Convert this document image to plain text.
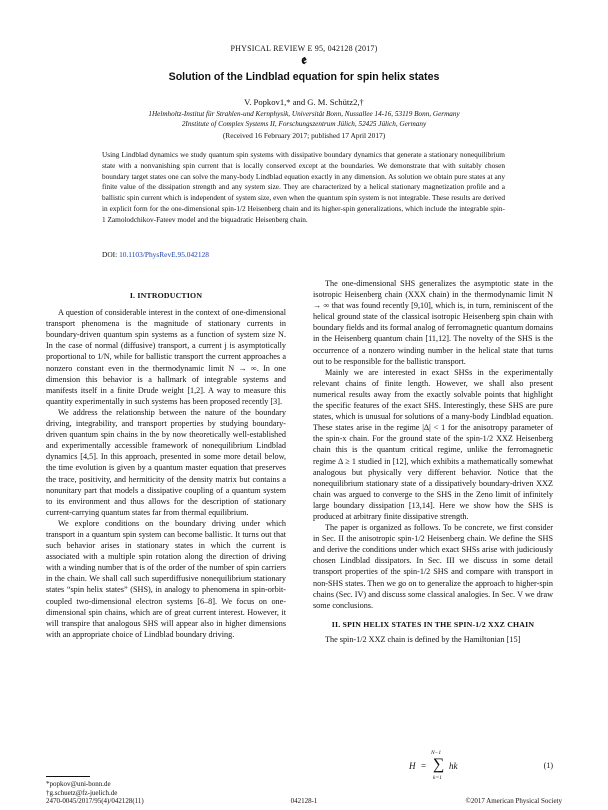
PHYSICAL REVIEW E 95, 042128 (2017)
𝖊
Solution of the Lindblad equation for spin helix states
V. Popkov1,* and G. M. Schütz2,†
1Helmholtz-Institut für Strahlen-und Kernphysik, Universität Bonn, Nussallee 14-16, 53119 Bonn, Germany
2Institute of Complex Systems II, Forschungszentrum Jülich, 52425 Jülich, Germany
(Received 16 February 2017; published 17 April 2017)
Using Lindblad dynamics we study quantum spin systems with dissipative boundary dynamics that generate a stationary nonequilibrium state with a nonvanishing spin current that is locally conserved except at the boundaries. We demonstrate that with suitably chosen boundary target states one can solve the many-body Lindblad equation exactly in any dimension. As solution we obtain pure states at any finite value of the dissipation strength and any system size. They are characterized by a helical stationary magnetization profile and a ballistic spin current which is independent of system size, even when the quantum spin system is not integrable. These results are derived in explicit form for the one-dimensional spin-1/2 Heisenberg chain and its higher-spin generalizations, which include the integrable spin-1 Zamolodchikov-Fateev model and the biquadratic Heisenberg chain.
DOI: 10.1103/PhysRevE.95.042128
I. INTRODUCTION

A question of considerable interest in the context of one-dimensional transport phenomena is the magnitude of stationary currents in boundary-driven quantum spin systems as a function of system size N. In the case of normal (diffusive) transport, a current j is asymptotically proportional to 1/N, while for ballistic transport the current approaches a nonzero constant even in the thermodynamic limit N → ∞. In one dimension this behavior is a hallmark of integrable systems and manifests itself in a finite Drude weight [1,2]. A way to measure this quantity experimentally in such systems has been proposed recently [3].

We address the relationship between the nature of the boundary driving, integrability, and transport properties by studying boundary-driven quantum spin chains in the by now theoretically well-established and experimentally accessible framework of nonequilibrium Lindblad dynamics [4,5]. In this approach, presented in some more detail below, the time evolution is given by a quantum master equation that preserves the trace, positivity, and hermiticity of the density matrix but contains a nonunitary part that models a dissipative coupling of a quantum system to its environment and thus allows for the description of stationary current-carrying quantum states far from thermal equilibrium.

We explore conditions on the boundary driving under which transport in a quantum spin system can become ballistic. It turns out that such behavior arises in stationary states in which the current is associated with a multiple spin rotation along the direction of driving with a winding number that is of the order of the number of spin carriers in the chain. We shall call such superdiffusive nonequilibrium stationary states “spin helix states” (SHS), in analogy to phenomena in spin-orbit-coupled two-dimensional electron systems [6–8]. We focus on one-dimensional spin chains, which are of great current interest. However, it will transpire that analogous SHS will appear also in higher dimensions with an appropriate choice of Lindblad boundary driving.

*popkov@uni-bonn.de
†g.schuetz@fz-juelich.de

The one-dimensional SHS generalizes the asymptotic state in the isotropic Heisenberg chain (XXX chain) in the thermodynamic limit N → ∞ that was found recently [9,10], which is, in turn, reminiscent of the helical ground state of the classical isotropic Heisenberg spin chain with boundary fields and its formal analog of ferromagnetic quantum domains in the Heisenberg quantum chain [11,12]. The novelty of the SHS is the occurrence of a nonzero winding number in the helical state that turns out to be responsible for the ballistic transport.

Mainly we are interested in exact SHSs in the experimentally relevant chains of finite length. However, we shall also present numerical results away from the exactly solvable points that highlight the specific features of the exact SHS. Interestingly, these SHS are pure states, which is unusual for solutions of a many-body Lindblad equation. These states arise in the regime |Δ| < 1 for the anisotropy parameter of the spin-x chain. For the ground state of the spin-1/2 XXZ Heisenberg chain this is the quantum critical regime, unlike the ferromagnetic regime Δ ≥ 1 studied in [12], which exhibits a mathematically somewhat analogous but physically very different behavior. Notice that the nonequilibrium stationary state of a dissipatively boundary-driven XXZ chain was argued to converge to the SHS in the Zeno limit of infinitely large boundary dissipation [13,14]. Here we show how the SHS is produced at arbitrary finite dissipative strength.

The paper is organized as follows. To be concrete, we first consider in Sec. II the anisotropic spin-1/2 Heisenberg chain. We define the SHS and derive the conditions under which exact SHSs arise with judiciously chosen Lindblad dissipators. In Sec. III we discuss in some detail transport properties of the spin-1/2 SHS and compare with transport in non-SHS states. Then we go on to generalize the approach to higher-spin chains (Sec. IV) and discuss some classical analogies. In Sec. V we draw some conclusions.

II. SPIN HELIX STATES IN THE SPIN-1/2 XXZ CHAIN

The spin-1/2 XXZ chain is defined by the Hamiltonian [15]

H =
N−1
∑
k=1
hk	(1)
2470-0045/2017/95(4)/042128(11)	042128-1	©2017 American Physical Society
